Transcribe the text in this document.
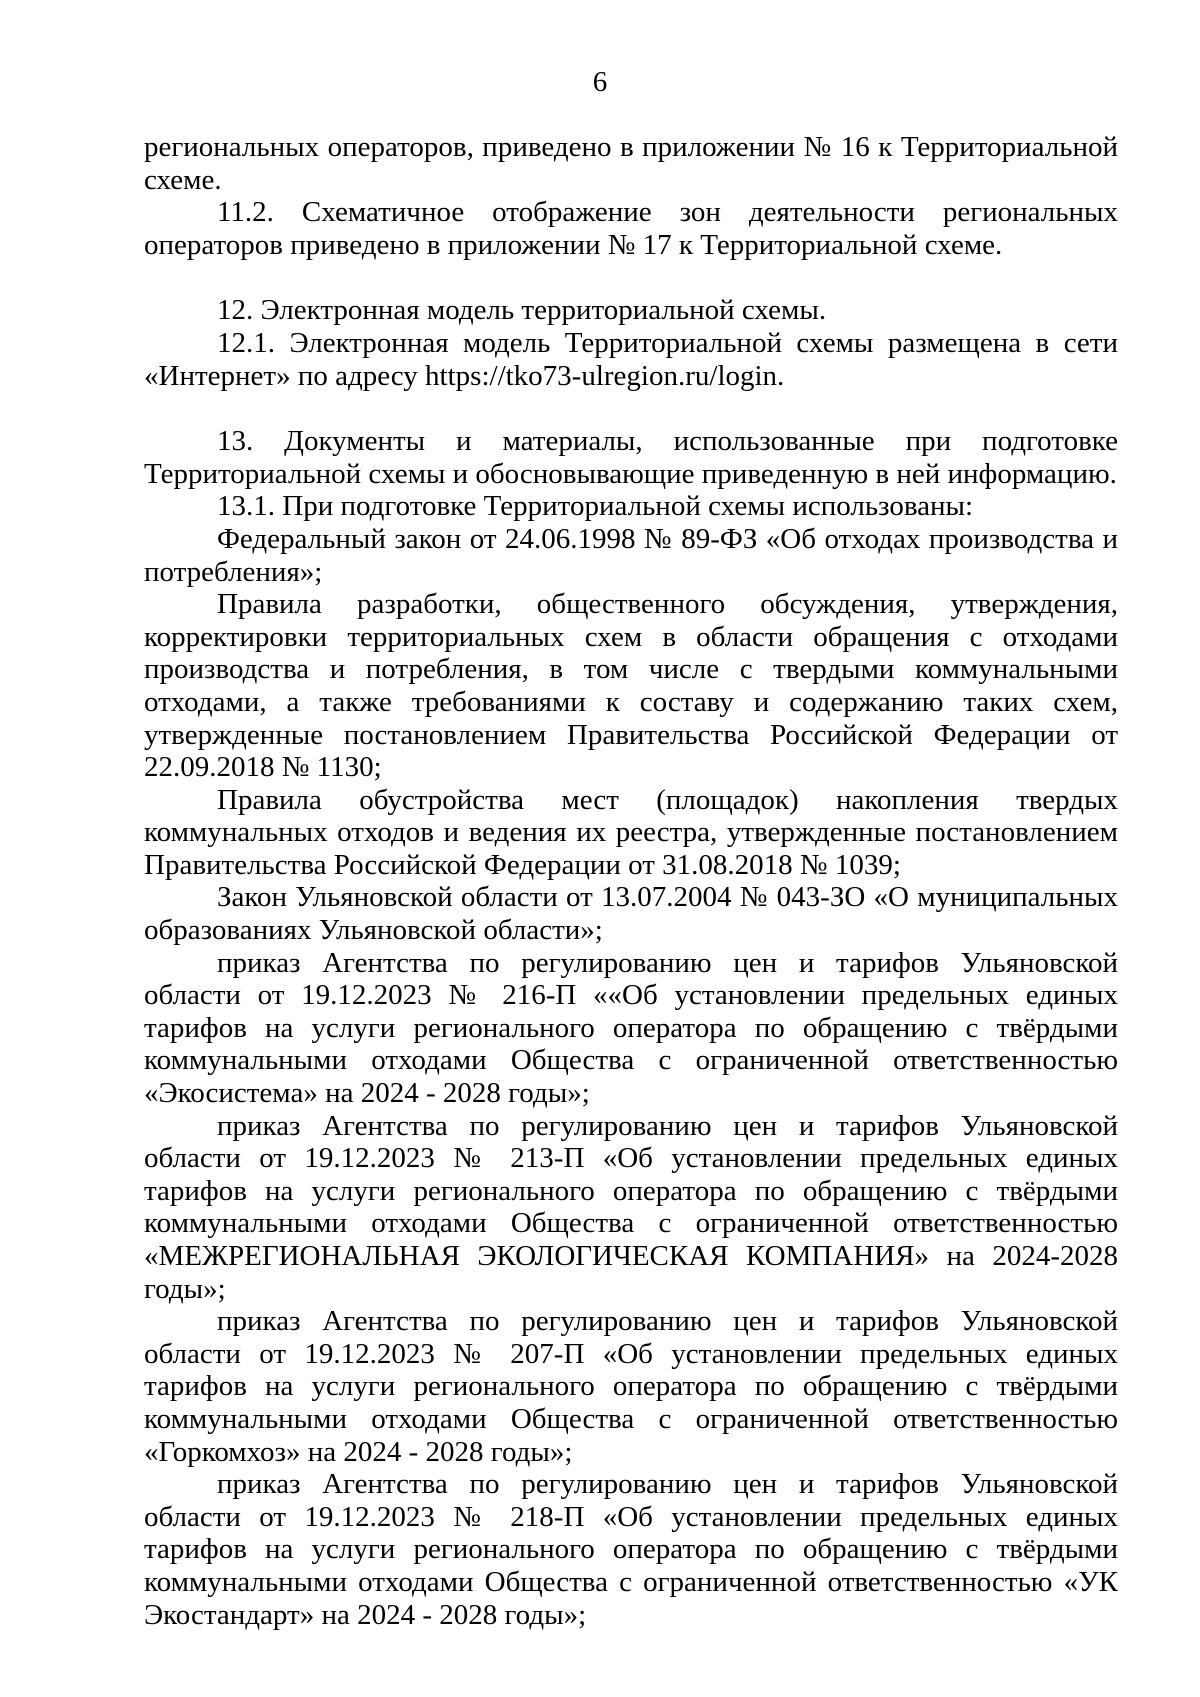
6

региональных операторов, приведено в приложении № 16 к Территориальной схеме.

11.2. Схематичное отображение зон деятельности региональных операторов приведено в приложении № 17 к Территориальной схеме.

12. Электронная модель территориальной схемы.

12.1. Электронная модель Территориальной схемы размещена в сети «Интернет» по адресу https://tko73-ulregion.ru/login.

13. Документы и материалы, использованные при подготовке Территориальной схемы и обосновывающие приведенную в ней информацию.

13.1. При подготовке Территориальной схемы использованы:

Федеральный закон от 24.06.1998 № 89-ФЗ «Об отходах производства и потребления»;

Правила разработки, общественного обсуждения, утверждения, корректировки территориальных схем в области обращения с отходами производства и потребления, в том числе с твердыми коммунальными отходами, а также требованиями к составу и содержанию таких схем, утвержденные постановлением Правительства Российской Федерации от 22.09.2018 № 1130;

Правила обустройства мест (площадок) накопления твердых коммунальных отходов и ведения их реестра, утвержденные постановлением Правительства Российской Федерации от 31.08.2018 № 1039;

Закон Ульяновской области от 13.07.2004 № 043-ЗО «О муниципальных образованиях Ульяновской области»;

приказ Агентства по регулированию цен и тарифов Ульяновской области от 19.12.2023 № 216-П ««Об установлении предельных единых тарифов на услуги регионального оператора по обращению с твёрдыми коммунальными отходами Общества с ограниченной ответственностью «Экосистема» на 2024 - 2028 годы»;

приказ Агентства по регулированию цен и тарифов Ульяновской области от 19.12.2023 № 213-П «Об установлении предельных единых тарифов на услуги регионального оператора по обращению с твёрдыми коммунальными отходами Общества с ограниченной ответственностью «МЕЖРЕГИОНАЛЬНАЯ ЭКОЛОГИЧЕСКАЯ КОМПАНИЯ» на 2024-2028 годы»;

приказ Агентства по регулированию цен и тарифов Ульяновской области от 19.12.2023 № 207-П «Об установлении предельных единых тарифов на услуги регионального оператора по обращению с твёрдыми коммунальными отходами Общества с ограниченной ответственностью «Горкомхоз» на 2024 - 2028 годы»;

приказ Агентства по регулированию цен и тарифов Ульяновской области от 19.12.2023 № 218-П «Об установлении предельных единых тарифов на услуги регионального оператора по обращению с твёрдыми коммунальными отходами Общества с ограниченной ответственностью «УК Экостандарт» на 2024 - 2028 годы»;
